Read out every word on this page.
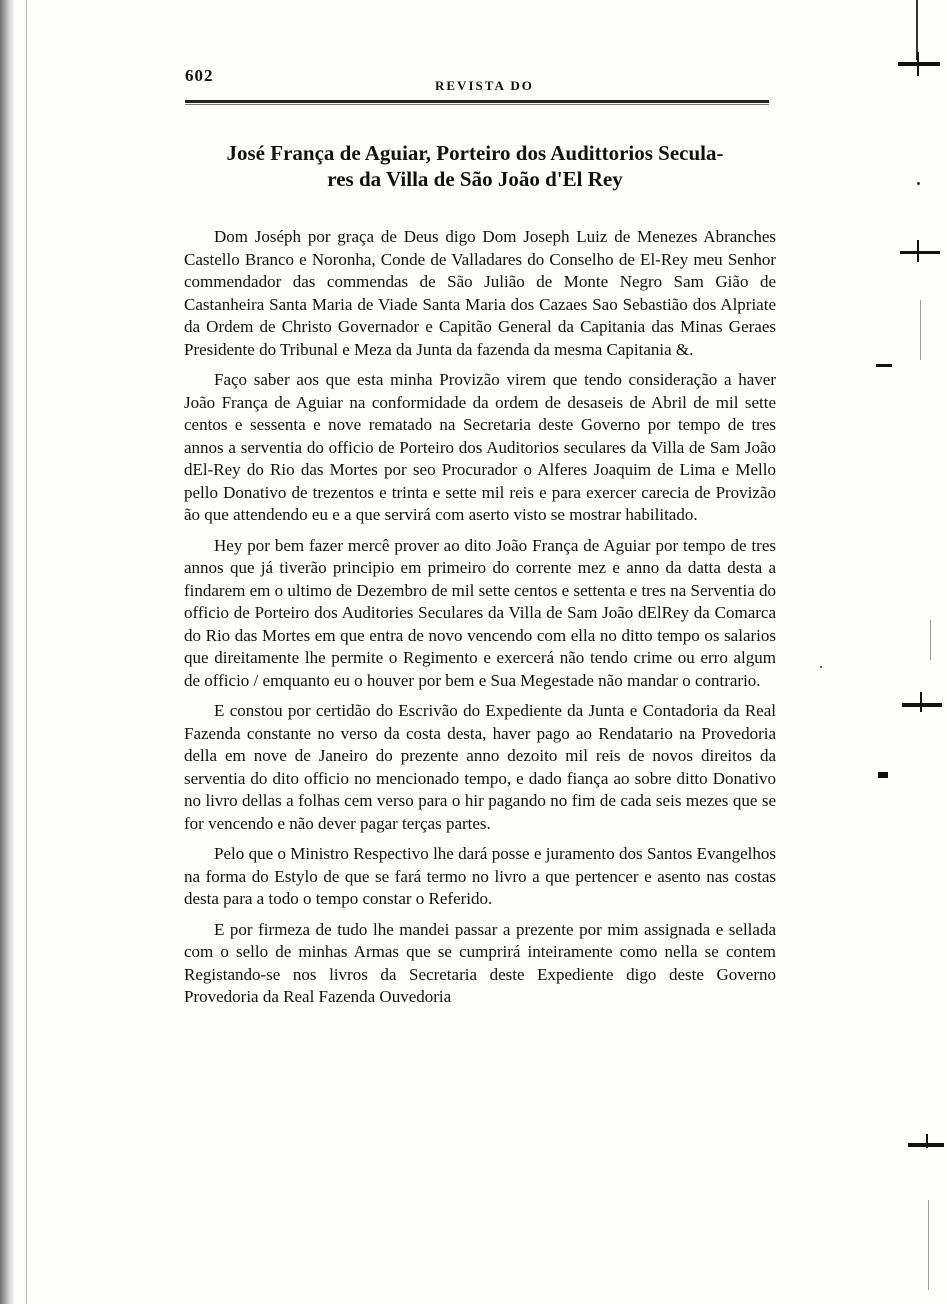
602
REVISTA DO
José França de Aguiar, Porteiro dos Audittorios Secula-
res da Villa de São João d'El Rey

Dom Joséph por graça de Deus digo Dom Joseph Luiz de Menezes Abranches Castello Branco e Noronha, Conde de Valladares do Conselho de El-Rey meu Senhor commendador das commendas de São Julião de Monte Negro Sam Gião de Castanheira Santa Maria de Viade Santa Maria dos Cazaes Sao Sebastião dos Alpriate da Ordem de Christo Governador e Capitão General da Capitania das Minas Geraes Presidente do Tribunal e Meza da Junta da fazenda da mesma Capitania &.

Faço saber aos que esta minha Provizão virem que tendo consideração a haver João França de Aguiar na conformidade da ordem de desaseis de Abril de mil sette centos e sessenta e nove rematado na Secretaria deste Governo por tempo de tres annos a serventia do officio de Porteiro dos Auditorios seculares da Villa de Sam João dEl-Rey do Rio das Mortes por seo Procurador o Alferes Joaquim de Lima e Mello pello Donativo de trezentos e trinta e sette mil reis e para exercer carecia de Provizão ão que attendendo eu e a que servirá com aserto visto se mostrar habilitado.

Hey por bem fazer mercê prover ao dito João França de Aguiar por tempo de tres annos que já tiverão principio em primeiro do corrente mez e anno da datta desta a findarem em o ultimo de Dezembro de mil sette centos e settenta e tres na Serventia do officio de Porteiro dos Auditories Seculares da Villa de Sam João dElRey da Comarca do Rio das Mortes em que entra de novo vencendo com ella no ditto tempo os salarios que direitamente lhe permite o Regimento e exercerá não tendo crime ou erro algum de officio / emquanto eu o houver por bem e Sua Megestade não mandar o contrario.

E constou por certidão do Escrivão do Expediente da Junta e Contadoria da Real Fazenda constante no verso da costa desta, haver pago ao Rendatario na Provedoria della em nove de Janeiro do prezente anno dezoito mil reis de novos direitos da serventia do dito officio no mencionado tempo, e dado fiança ao sobre ditto Donativo no livro dellas a folhas cem verso para o hir pagando no fim de cada seis mezes que se for vencendo e não dever pagar terças partes.

Pelo que o Ministro Respectivo lhe dará posse e juramento dos Santos Evangelhos na forma do Estylo de que se fará termo no livro a que pertencer e asento nas costas desta para a todo o tempo constar o Referido.

E por firmeza de tudo lhe mandei passar a prezente por mim assignada e sellada com o sello de minhas Armas que se cumprirá inteiramente como nella se contem Registando-se nos livros da Secretaria deste Expediente digo deste Governo Provedoria da Real Fazenda Ouvedoria
